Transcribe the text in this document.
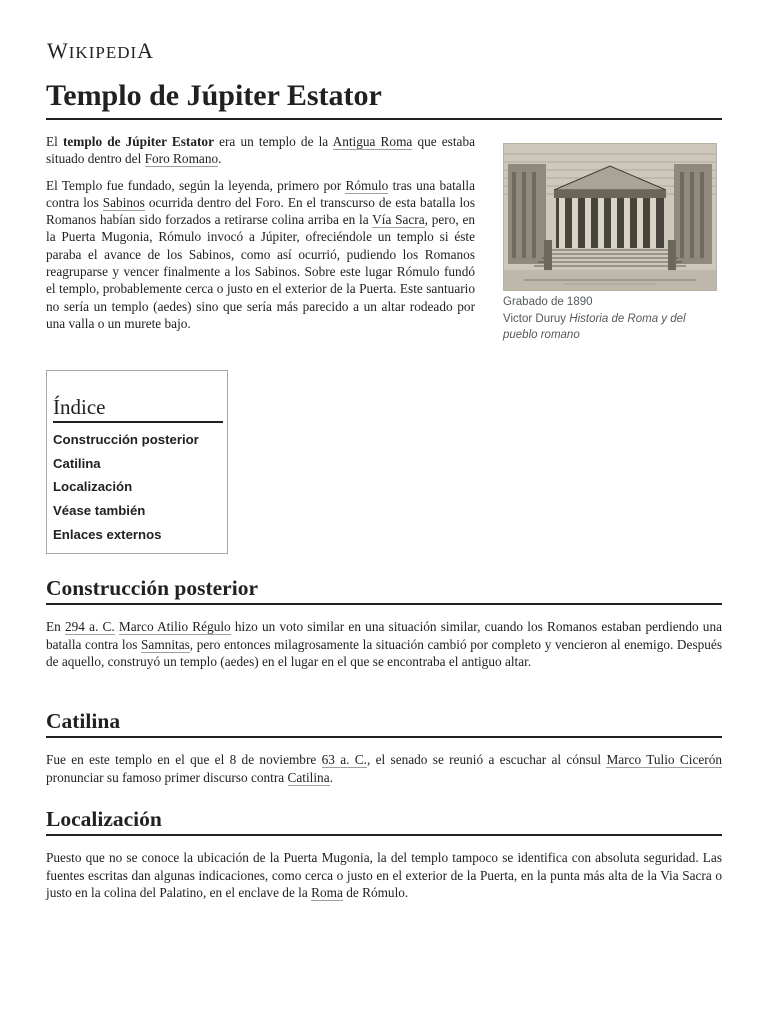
WIKIPEDIA
Templo de Júpiter Estator

El templo de Júpiter Estator era un templo de la Antigua Roma que estaba situado dentro del Foro Romano.

El Templo fue fundado, según la leyenda, primero por Rómulo tras una batalla contra los Sabinos ocurrida dentro del Foro. En el transcurso de esta batalla los Romanos habían sido forzados a retirarse colina arriba en la Vía Sacra, pero, en la Puerta Mugonia, Rómulo invocó a Júpiter, ofreciéndole un templo si éste paraba el avance de los Sabinos, como así ocurrió, pudiendo los Romanos reagruparse y vencer finalmente a los Sabinos. Sobre este lugar Rómulo fundó el templo, probablemente cerca o justo en el exterior de la Puerta. Este santuario no sería un templo (aedes) sino que sería más parecido a un altar rodeado por una valla o un murete bajo.

Grabado de 1890
Victor Duruy Historia de Roma y del pueblo romano
Índice
Construcción posterior
Catilina
Localización
Véase también
Enlaces externos
Construcción posterior

En 294 a. C. Marco Atilio Régulo hizo un voto similar en una situación similar, cuando los Romanos estaban perdiendo una batalla contra los Samnitas, pero entonces milagrosamente la situación cambió por completo y vencieron al enemigo. Después de aquello, construyó un templo (aedes) en el lugar en el que se encontraba el antiguo altar.

Catilina

Fue en este templo en el que el 8 de noviembre 63 a. C., el senado se reunió a escuchar al cónsul Marco Tulio Cicerón pronunciar su famoso primer discurso contra Catilina.

Localización

Puesto que no se conoce la ubicación de la Puerta Mugonia, la del templo tampoco se identifica con absoluta seguridad. Las fuentes escritas dan algunas indicaciones, como cerca o justo en el exterior de la Puerta, en la punta más alta de la Via Sacra o justo en la colina del Palatino, en el enclave de la Roma de Rómulo.
